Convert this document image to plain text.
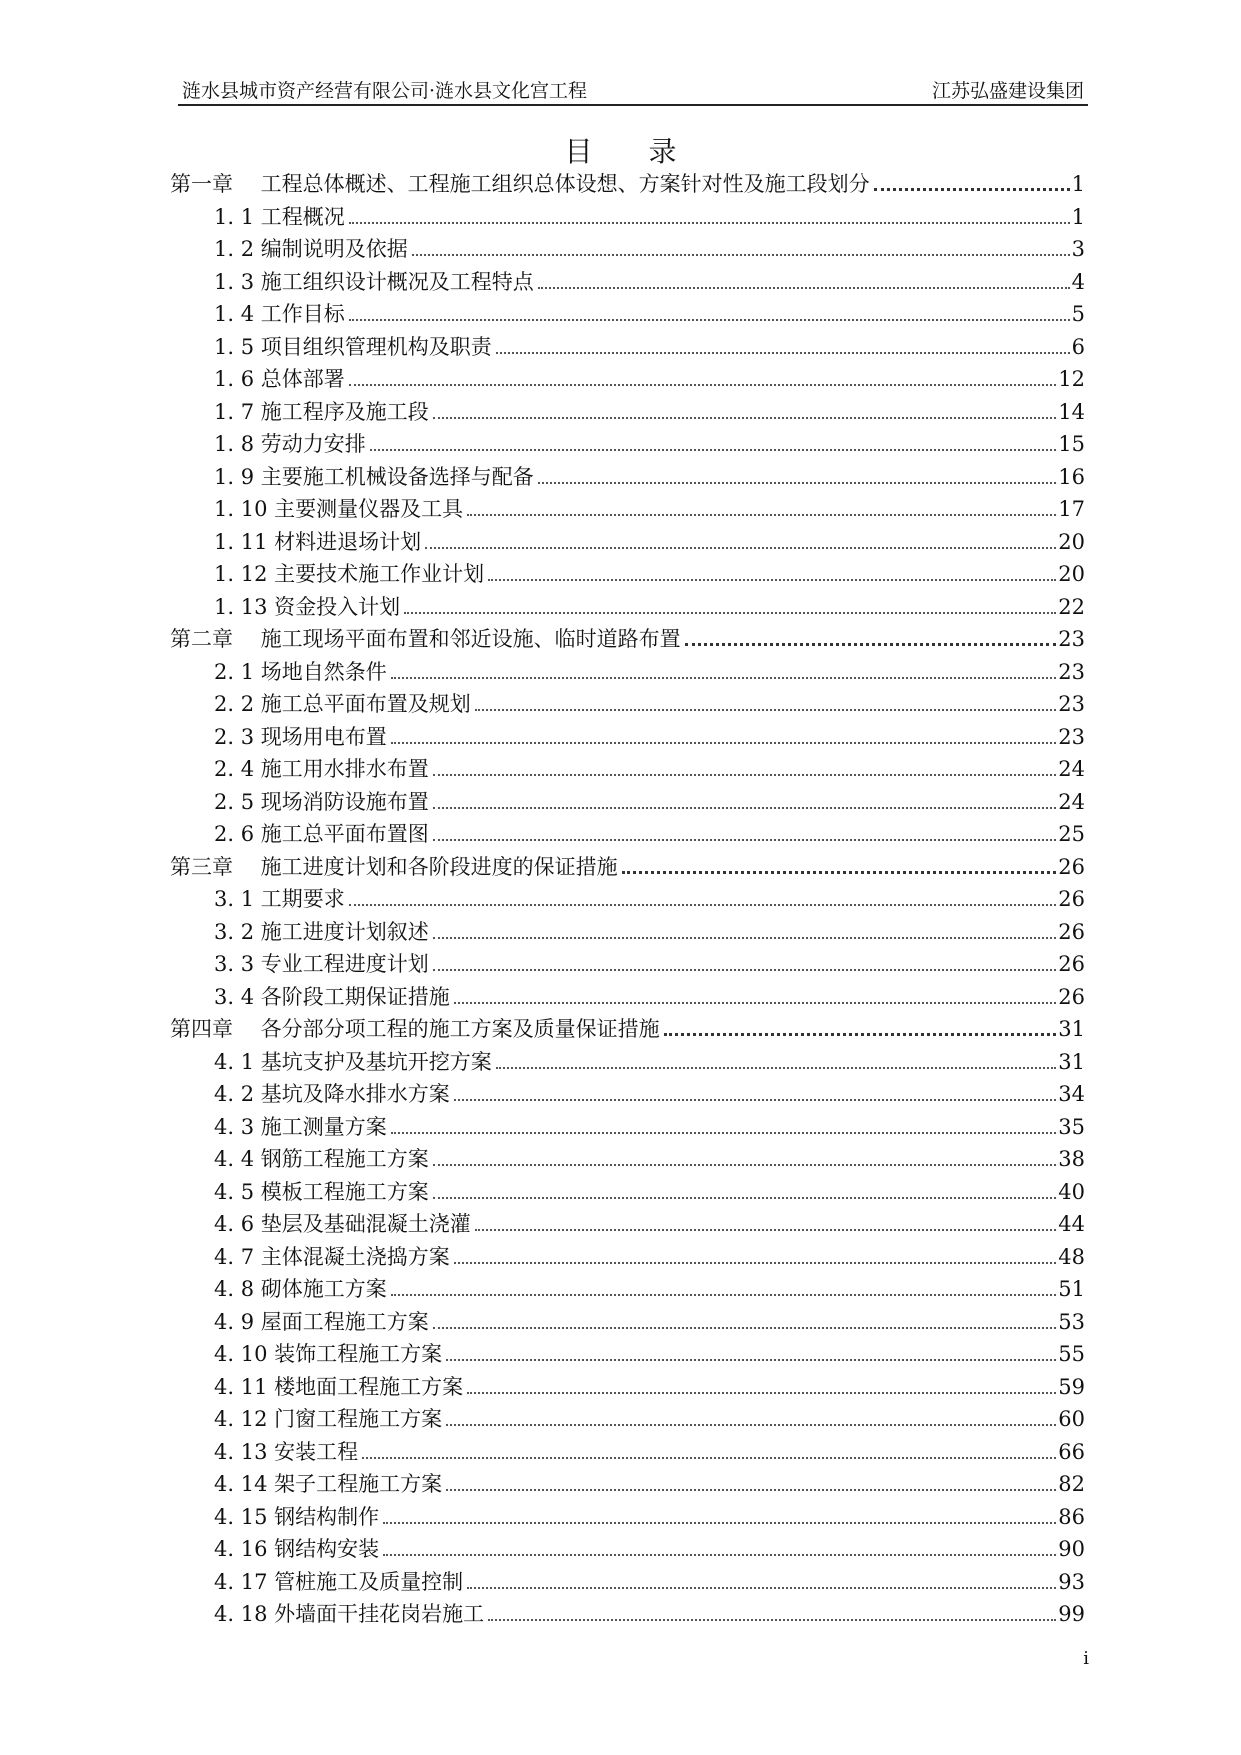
涟水县城市资产经营有限公司·涟水县文化宫工程	江苏弘盛建设集团
目　　录
第一章　 工程总体概述、工程施工组织总体设想、方案针对性及施工段划分	1
1. 1 工程概况	1
1. 2 编制说明及依据	3
1. 3 施工组织设计概况及工程特点	4
1. 4 工作目标	5
1. 5 项目组织管理机构及职责	6
1. 6 总体部署	12
1. 7 施工程序及施工段	14
1. 8 劳动力安排	15
1. 9 主要施工机械设备选择与配备	16
1. 10 主要测量仪器及工具	17
1. 11 材料进退场计划	20
1. 12 主要技术施工作业计划	20
1. 13 资金投入计划	22
第二章　 施工现场平面布置和邻近设施、临时道路布置	23
2. 1 场地自然条件	23
2. 2 施工总平面布置及规划	23
2. 3 现场用电布置	23
2. 4 施工用水排水布置	24
2. 5 现场消防设施布置	24
2. 6 施工总平面布置图	25
第三章　 施工进度计划和各阶段进度的保证措施	26
3. 1 工期要求	26
3. 2 施工进度计划叙述	26
3. 3 专业工程进度计划	26
3. 4 各阶段工期保证措施	26
第四章　 各分部分项工程的施工方案及质量保证措施	31
4. 1 基坑支护及基坑开挖方案	31
4. 2 基坑及降水排水方案	34
4. 3 施工测量方案	35
4. 4 钢筋工程施工方案	38
4. 5 模板工程施工方案	40
4. 6 垫层及基础混凝土浇灌	44
4. 7 主体混凝土浇捣方案	48
4. 8 砌体施工方案	51
4. 9 屋面工程施工方案	53
4. 10 装饰工程施工方案	55
4. 11 楼地面工程施工方案	59
4. 12 门窗工程施工方案	60
4. 13 安装工程	66
4. 14 架子工程施工方案	82
4. 15 钢结构制作	86
4. 16 钢结构安装	90
4. 17 管桩施工及质量控制	93
4. 18 外墙面干挂花岗岩施工	99
i
